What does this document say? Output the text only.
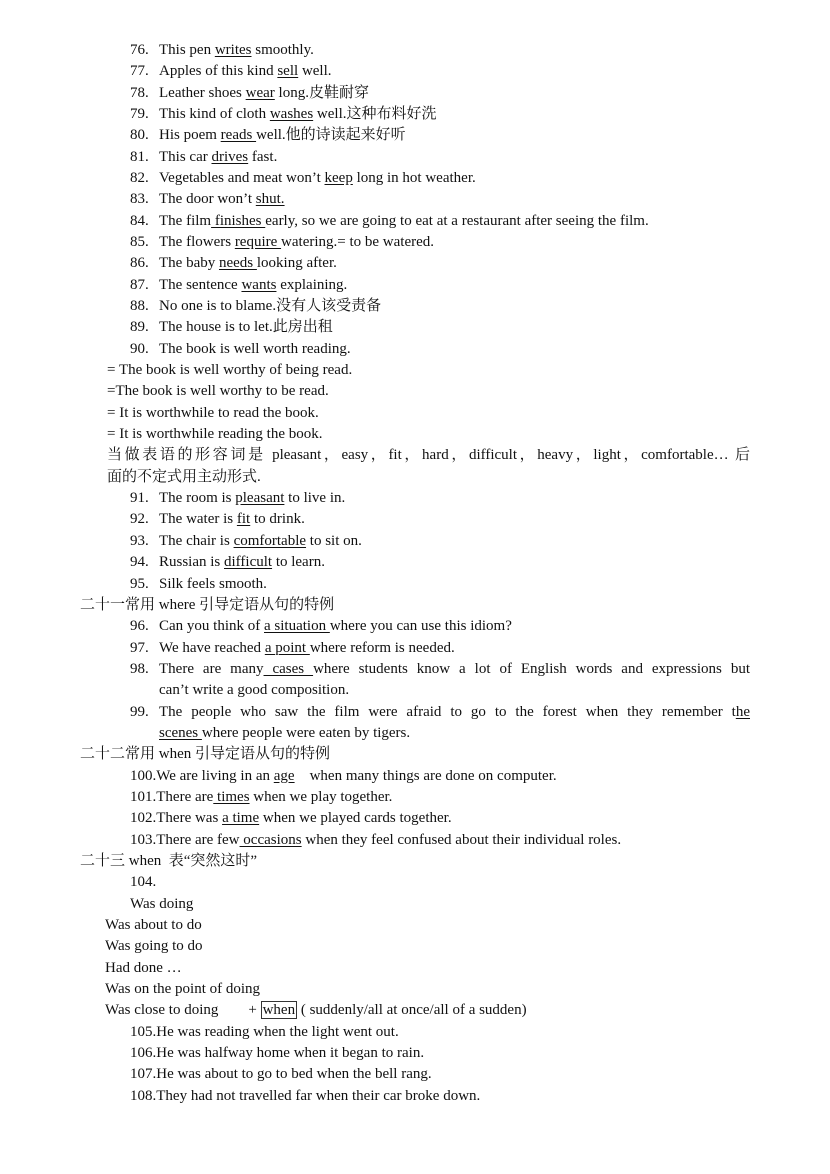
76. This pen writes smoothly.
77. Apples of this kind sell well.
78. Leather shoes wear long.皮鞋耐穿
79. This kind of cloth washes well.这种布料好洗
80. His poem reads well.他的诗读起来好听
81. This car drives fast.
82. Vegetables and meat won’t keep long in hot weather.
83. The door won’t shut.
84. The film finishes early, so we are going to eat at a restaurant after seeing the film.
85. The flowers require watering.= to be watered.
86. The baby needs looking after.
87. The sentence wants explaining.
88. No one is to blame.没有人该受责备
89. The house is to let.此房出租
90. The book is well worth reading.
= The book is well worthy of being read.
=The book is well worthy to be read.
= It is worthwhile to read the book.
= It is worthwhile reading the book.
当做表语的形容词是 pleasant，easy，fit，hard，difficult，heavy，light，comfortable… 后
面的不定式用主动形式.
91. The room is pleasant to live in.
92. The water is fit to drink.
93. The chair is comfortable to sit on.
94. Russian is difficult to learn.
95. Silk feels smooth.
二十一常用 where 引导定语从句的特例
96. Can you think of a situation where you can use this idiom?
97. We have reached a point where reform is needed.
98. There are many cases where students know a lot of English words and expressions but
can’t write a good composition.
99. The people who saw the film were afraid to go to the forest when they remember the
scenes where people were eaten by tigers.
二十二常用 when 引导定语从句的特例
100.We are living in an age    when many things are done on computer.
101.There are times when we play together.
102.There was a time when we played cards together.
103.There are few occasions when they feel confused about their individual roles.
二十三 when  表“突然这时”
104.
Was doing
Was about to do
Was going to do
Had done …
Was on the point of doing
Was close to doing        + when ( suddenly/all at once/all of a sudden)
105.He was reading when the light went out.
106.He was halfway home when it began to rain.
107.He was about to go to bed when the bell rang.
108.They had not travelled far when their car broke down.
